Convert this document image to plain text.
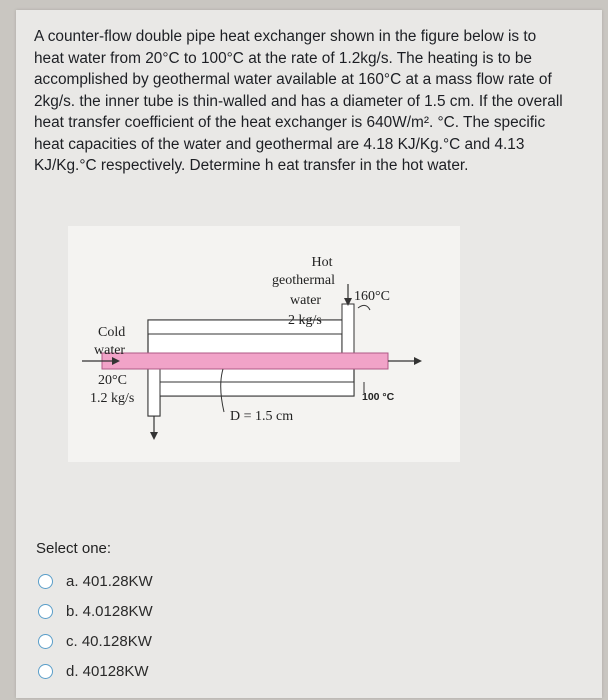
A counter-flow double pipe heat exchanger shown in the figure below is to heat water from 20°C to 100°C at the rate of 1.2kg/s. The heating is to be accomplished by geothermal water available at 160°C at a mass flow rate of 2kg/s. the inner tube is thin-walled and has a diameter of 1.5 cm. If the overall heat transfer coefficient of the heat exchanger is 640W/m². °C. The specific heat capacities of the water and geothermal are 4.18 KJ/Kg.°C and 4.13 KJ/Kg.°C respectively. Determine h eat transfer in the hot water.
Hot
geothermal
water
2 kg/s
160°C
Cold
water
20°C
1.2 kg/s
D = 1.5 cm
100 °C
Select one:
a. 401.28KW
b. 4.0128KW
c. 40.128KW
d. 40128KW
